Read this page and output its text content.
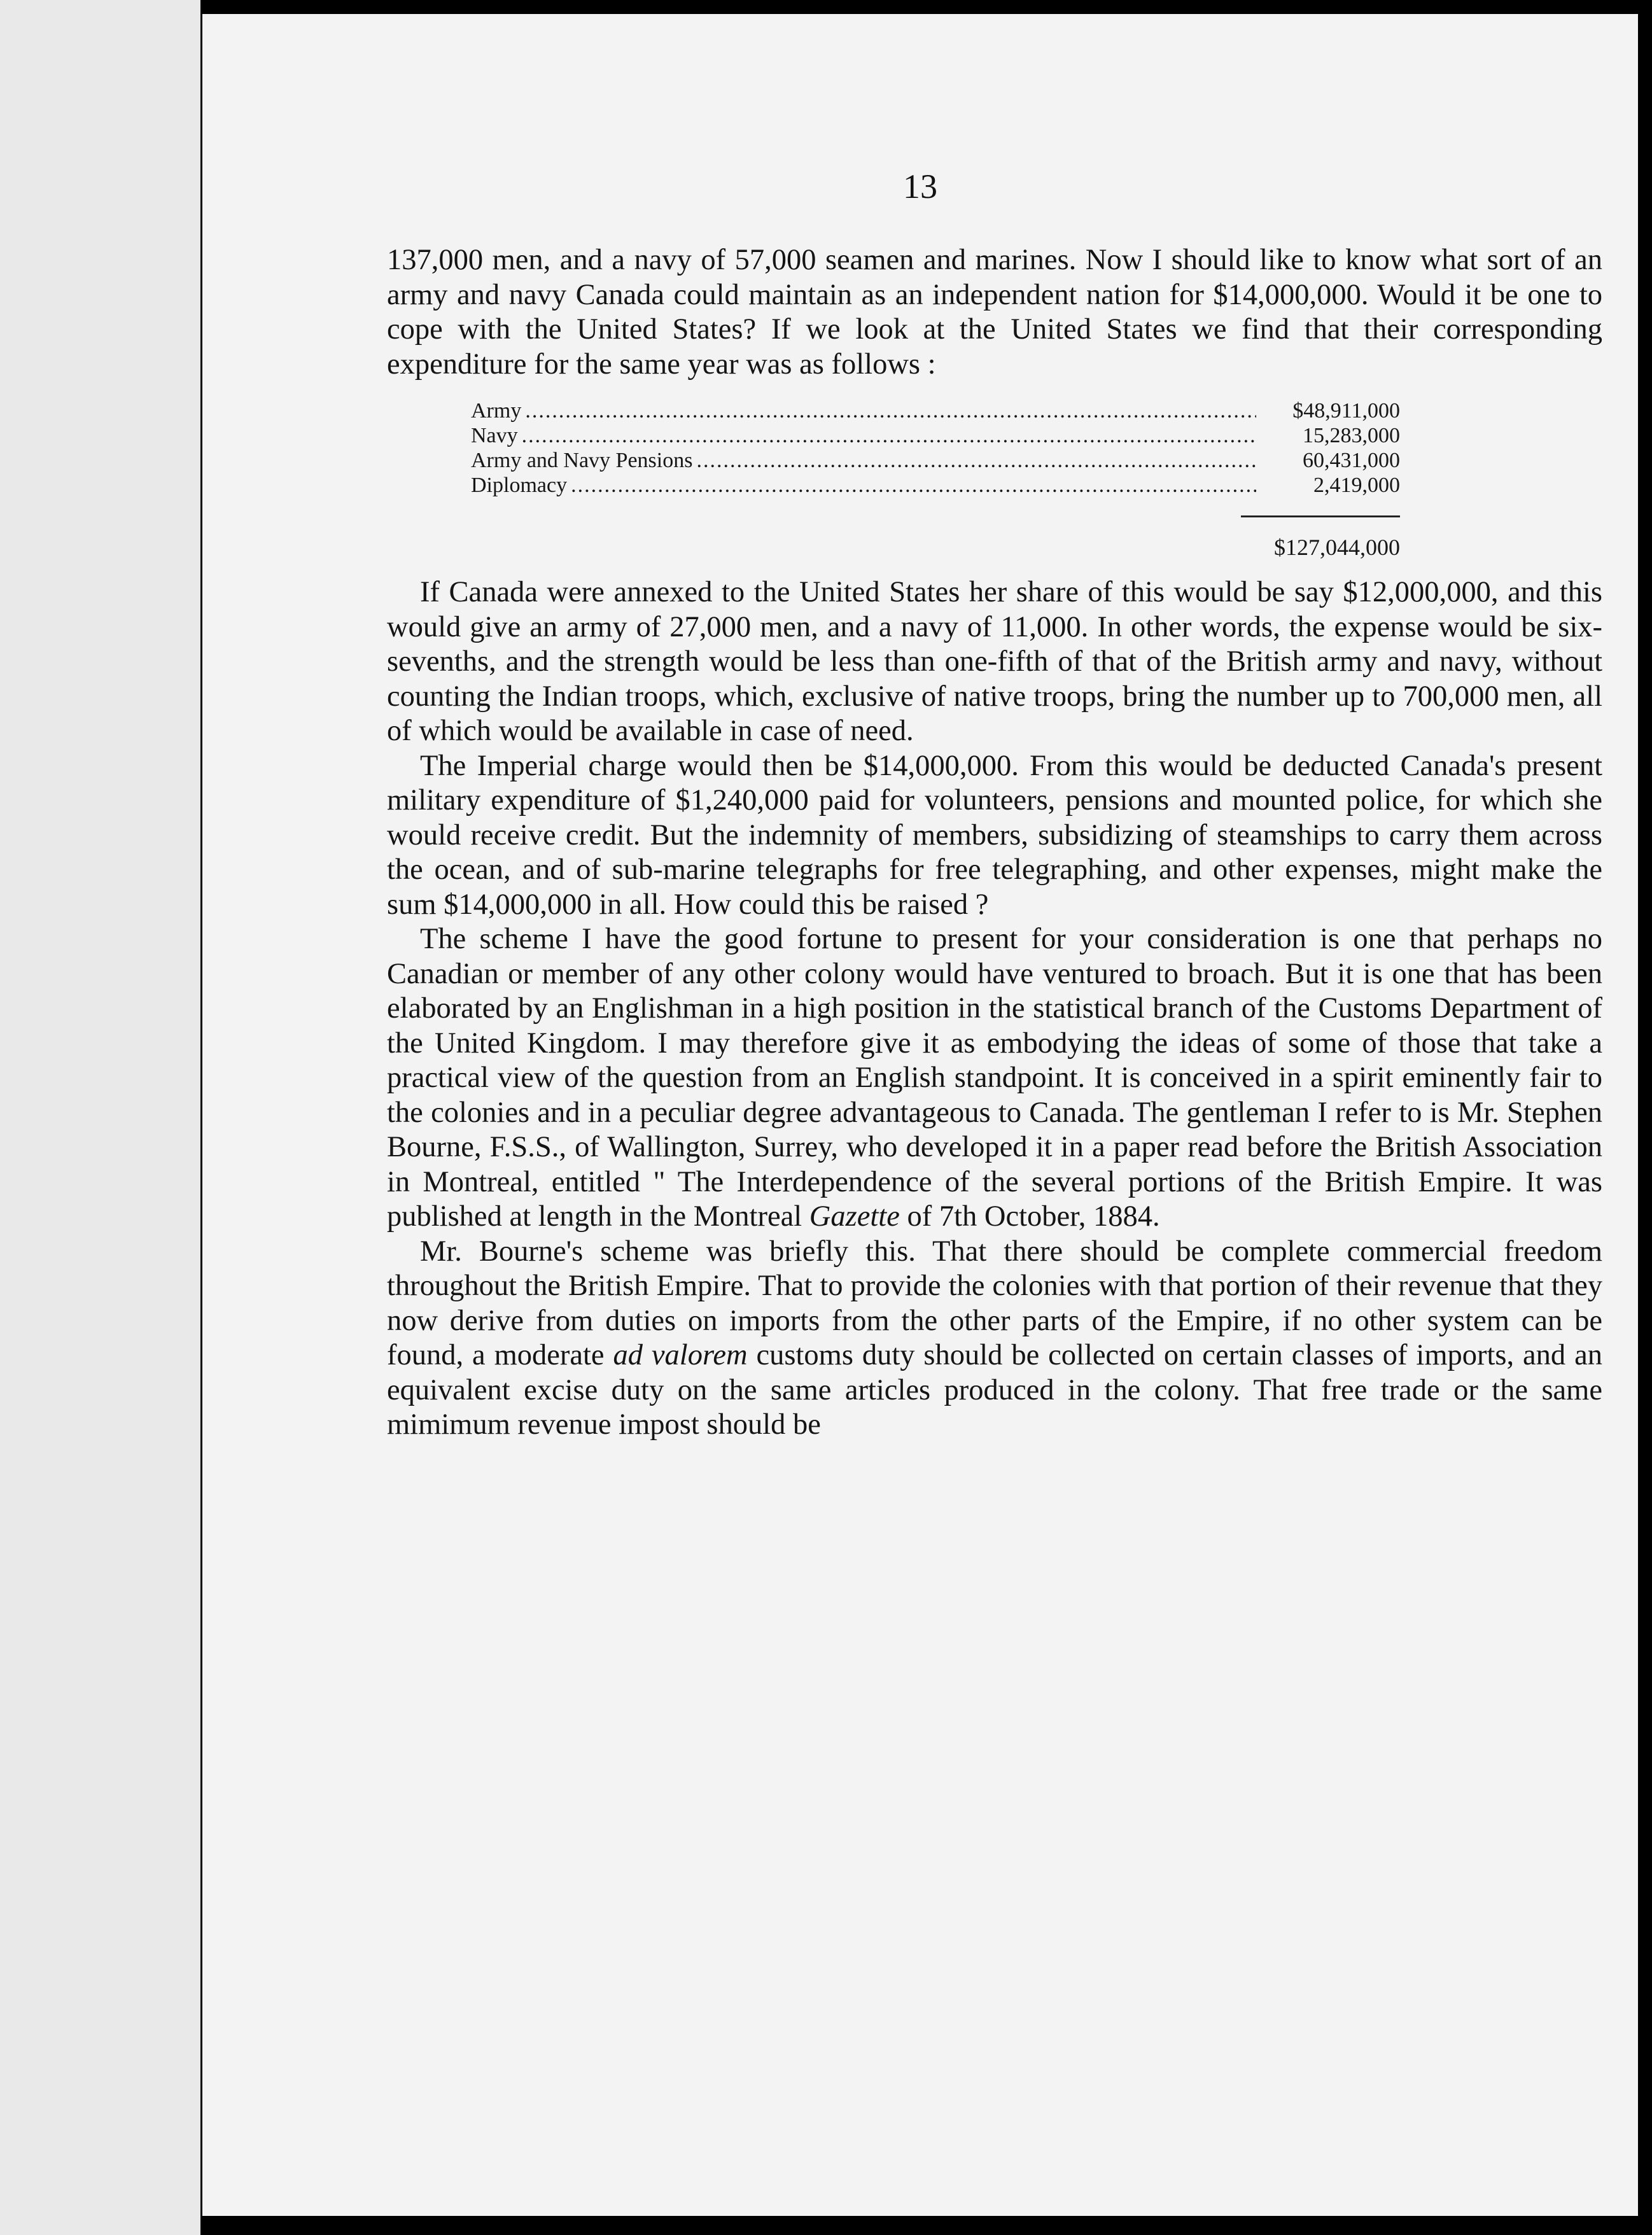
13

137,000 men, and a navy of 57,000 seamen and marines. Now I should like to know what sort of an army and navy Canada could maintain as an independent nation for $14,000,000. Would it be one to cope with the United States? If we look at the United States we find that their corresponding expenditure for the same year was as follows :

Army .....	$48,911,000
Navy .....	15,283,000
Army and Navy Pensions .....	60,431,000
Diplomacy .....	2,419,000
$127,044,000

If Canada were annexed to the United States her share of this would be say $12,000,000, and this would give an army of 27,000 men, and a navy of 11,000. In other words, the expense would be six-sevenths, and the strength would be less than one-fifth of that of the British army and navy, without counting the Indian troops, which, exclusive of native troops, bring the number up to 700,000 men, all of which would be available in case of need.

The Imperial charge would then be $14,000,000. From this would be deducted Canada's present military expenditure of $1,240,000 paid for volunteers, pensions and mounted police, for which she would receive credit. But the indemnity of members, subsidizing of steamships to carry them across the ocean, and of sub-marine telegraphs for free telegraphing, and other expenses, might make the sum $14,000,000 in all. How could this be raised ?

The scheme I have the good fortune to present for your consideration is one that perhaps no Canadian or member of any other colony would have ventured to broach. But it is one that has been elaborated by an Englishman in a high position in the statistical branch of the Customs Department of the United Kingdom. I may therefore give it as embodying the ideas of some of those that take a practical view of the question from an English standpoint. It is conceived in a spirit eminently fair to the colonies and in a peculiar degree advantageous to Canada. The gentleman I refer to is Mr. Stephen Bourne, F.S.S., of Wallington, Surrey, who developed it in a paper read before the British Association in Montreal, entitled " The Interdependence of the several portions of the British Empire. It was published at length in the Montreal Gazette of 7th October, 1884.

Mr. Bourne's scheme was briefly this. That there should be complete commercial freedom throughout the British Empire. That to provide the colonies with that portion of their revenue that they now derive from duties on imports from the other parts of the Empire, if no other system can be found, a moderate ad valorem customs duty should be collected on certain classes of imports, and an equivalent excise duty on the same articles produced in the colony. That free trade or the same mimimum revenue impost should be
